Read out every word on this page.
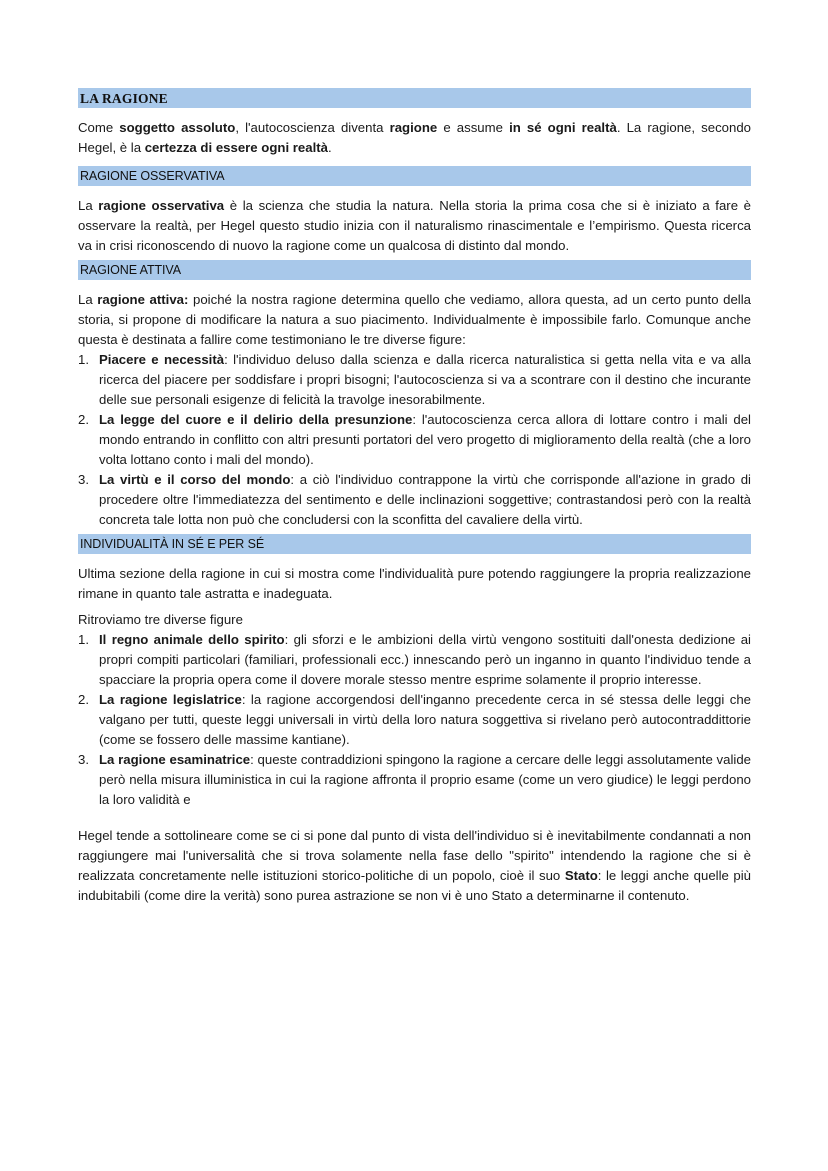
LA RAGIONE

Come soggetto assoluto, l'autocoscienza diventa ragione e assume in sé ogni realtà. La ragione, secondo Hegel, è la certezza di essere ogni realtà.

RAGIONE OSSERVATIVA

La ragione osservativa è la scienza che studia la natura. Nella storia la prima cosa che si è iniziato a fare è osservare la realtà, per Hegel questo studio inizia con il naturalismo rinascimentale e l’empirismo. Questa ricerca va in crisi riconoscendo di nuovo la ragione come un qualcosa di distinto dal mondo.

RAGIONE ATTIVA

La ragione attiva: poiché la nostra ragione determina quello che vediamo, allora questa, ad un certo punto della storia, si propone di modificare la natura a suo piacimento. Individualmente è impossibile farlo. Comunque anche questa è destinata a fallire come testimoniano le tre diverse figure:

1. Piacere e necessità: l'individuo deluso dalla scienza e dalla ricerca naturalistica si getta nella vita e va alla ricerca del piacere per soddisfare i propri bisogni; l'autocoscienza si va a scontrare con il destino che incurante delle sue personali esigenze di felicità la travolge inesorabilmente.
2. La legge del cuore e il delirio della presunzione: l'autocoscienza cerca allora di lottare contro i mali del mondo entrando in conflitto con altri presunti portatori del vero progetto di miglioramento della realtà (che a loro volta lottano conto i mali del mondo).
3. La virtù e il corso del mondo: a ciò l'individuo contrappone la virtù che corrisponde all'azione in grado di procedere oltre l'immediatezza del sentimento e delle inclinazioni soggettive; contrastandosi però con la realtà concreta tale lotta non può che concludersi con la sconfitta del cavaliere della virtù.
INDIVIDUALITÀ IN SÉ E PER SÉ

Ultima sezione della ragione in cui si mostra come l'individualità pure potendo raggiungere la propria realizzazione rimane in quanto tale astratta e inadeguata.

Ritroviamo tre diverse figure

1. Il regno animale dello spirito: gli sforzi e le ambizioni della virtù vengono sostituiti dall'onesta dedizione ai propri compiti particolari (familiari, professionali ecc.) innescando però un inganno in quanto l'individuo tende a spacciare la propria opera come il dovere morale stesso mentre esprime solamente il proprio interesse.
2. La ragione legislatrice: la ragione accorgendosi dell'inganno precedente cerca in sé stessa delle leggi che valgano per tutti, queste leggi universali in virtù della loro natura soggettiva si rivelano però autocontraddittorie (come se fossero delle massime kantiane).
3. La ragione esaminatrice: queste contraddizioni spingono la ragione a cercare delle leggi assolutamente valide però nella misura illuministica in cui la ragione affronta il proprio esame (come un vero giudice) le leggi perdono la loro validità e

Hegel tende a sottolineare come se ci si pone dal punto di vista dell'individuo si è inevitabilmente condannati a non raggiungere mai l'universalità che si trova solamente nella fase dello "spirito" intendendo la ragione che si è realizzata concretamente nelle istituzioni storico-politiche di un popolo, cioè il suo Stato: le leggi anche quelle più indubitabili (come dire la verità) sono purea astrazione se non vi è uno Stato a determinarne il contenuto.
